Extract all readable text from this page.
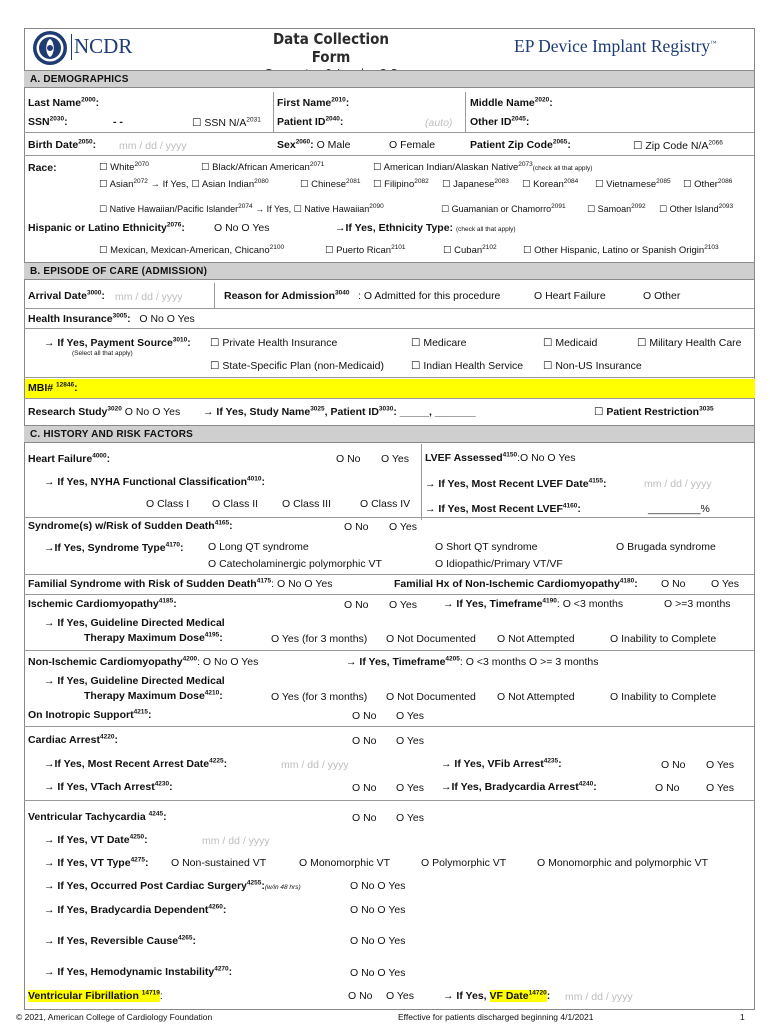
NCDR	Data Collection Form
EP Device Implant Registry™
A. DEMOGRAPHICS
Last Name$^{2000}$:	First Name$^{2010}$:	Middle Name$^{2020}$:
$SSN^{2030}$:	- -	☐ SSN $N/A^{2031}$ Patient $ID^{2040}$:	(auto) Other $ID^{2045}$:
Birth Date$^{2050}$: mm / dd / yyyy	Sex$^{2060}$: O Male	O Female	Patient Zip Code$^{2065}$:	☐ Zip Code $N/A^{2066}$
Race:	☐ White$^{2070}$	☐ Black/African American$^{2071}$	☐ American Indian/Alaskan Native$^{2073}$(check all that apply)
☐ Asian$^{2072}$ → If Yes, ☐ Asian Indian$^{2080}$	☐ Chinese$^{2081}$ ☐ Filipino$^{2082}$ ☐ Japanese$^{2083}$ ☐ Korean$^{2084}$ ☐ Vietnamese$^{2085}$ ☐ Other$^{2086}$
☐ Native Hawaiian/Pacific Islander$^{2074}$ → If Yes, ☐ Native Hawaiian$^{2090}$	☐ Guamanian or Chamorro$^{2091}$ ☐ Samoan$^{2092}$ ☐ Other Island$^{2093}$
Hispanic or Latino Ethnicity$^{2076}$:	O No O Yes	→If Yes, Ethnicity Type: (check all that apply)
☐ Mexican, Mexican-American, Chicano$^{2100}$	☐ Puerto Rican$^{2101}$	☐ Cuban$^{2102}$	☐ Other Hispanic, Latino or Spanish Origin$^{2103}$
B. EPISODE OF CARE (ADMISSION)
Arrival Date$^{3000}$: mm / dd / yyyy	Reason for Admission$^{3040}$ : O Admitted for this procedure	O Heart Failure	O Other
Health Insurance$^{3005}$: O No O Yes
→ If Yes, Payment Source$^{3010}$:
(Select all that apply)
☐ Private Health Insurance	☐ Medicare	☐ Medicaid	☐ Military Health Care
☐ State-Specific Plan (non-Medicaid)	☐ Indian Health Service ☐ Non-US Insurance
MBI# $^{12846}$:
Research Study$^{3020}$ O No O Yes → If Yes, Study Name$^{3025}$, Patient $ID^{3030}$: _____, _______	☐ Patient Restriction$^{3035}$
C. HISTORY AND RISK FACTORS
Heart Failure$^{4000}$:	O No O Yes LVEF Assessed$^{4150}$:O No O Yes
→ If Yes, NYHA Functional Classification$^{4010}$:	→ If Yes, Most Recent LVEF Date$^{4155}$:	mm / dd / yyyy
O Class I O Class II O Class III	O Class IV → If Yes, Most Recent $LVEF^{4160}$:	_________%
Syndrome(s) w/Risk of Sudden Death$^{4165}$:	O No O Yes
→If Yes, Syndrome Type$^{4170}$: O Long QT syndrome	O Short QT syndrome	O Brugada syndrome
O Catecholaminergic polymorphic VT	O Idiopathic/Primary VT/VF
Familial Syndrome with Risk of Sudden Death$^{4175}$: O No O Yes	Familial Hx of Non-Ischemic Cardiomyopathy$^{4180}$: O No O Yes
Ischemic Cardiomyopathy$^{4185}$:	O No O Yes → If Yes, Timeframe$^{4190}$: O <3 months	O >=3 months
→ If Yes, Guideline Directed Medical
Therapy Maximum Dose$^{4195}$:	O Yes (for 3 months) O Not Documented O Not Attempted	O Inability to Complete
Non-Ischemic Cardiomyopathy$^{4200}$: O No O Yes	→ If Yes, Timeframe$^{4205}$: O <3 months O >= 3 months
→ If Yes, Guideline Directed Medical
Therapy Maximum Dose$^{4210}$:	O Yes (for 3 months) O Not Documented O Not Attempted	O Inability to Complete
On Inotropic Support$^{4215}$:	O No O Yes
Cardiac Arrest$^{4220}$:	O No O Yes
→If Yes, Most Recent Arrest Date$^{4225}$:	mm / dd / yyyy	→ If Yes, VFib Arrest$^{4235}$:	O No O Yes
→ If Yes, VTach Arrest$^{4230}$:	O No O Yes →If Yes, Bradycardia Arrest$^{4240}$:	O No	O Yes
Ventricular Tachycardia $^{4245}$:	O No O Yes
→ If Yes, VT Date$^{4250}$:	mm / dd / yyyy
→ If Yes, VT Type$^{4275}$: O Non-sustained VT	O Monomorphic VT	O Polymorphic VT	O Monomorphic and polymorphic VT
→ If Yes, Occurred Post Cardiac Surgery$^{4255}$:(w/in 48 hrs)	O No O Yes
→ If Yes, Bradycardia Dependent$^{4260}$:	O No O Yes
→ If Yes, Reversible Cause$^{4265}$:	O No O Yes
→ If Yes, Hemodynamic Instability$^{4270}$:	O No O Yes
Ventricular Fibrillation $^{14719}$:	O No O Yes	→ If Yes, VF Date$^{14720}$: mm / dd / yyyy
© 2021, American College of Cardiology Foundation	Effective for patients discharged beginning 4/1/2021	1
